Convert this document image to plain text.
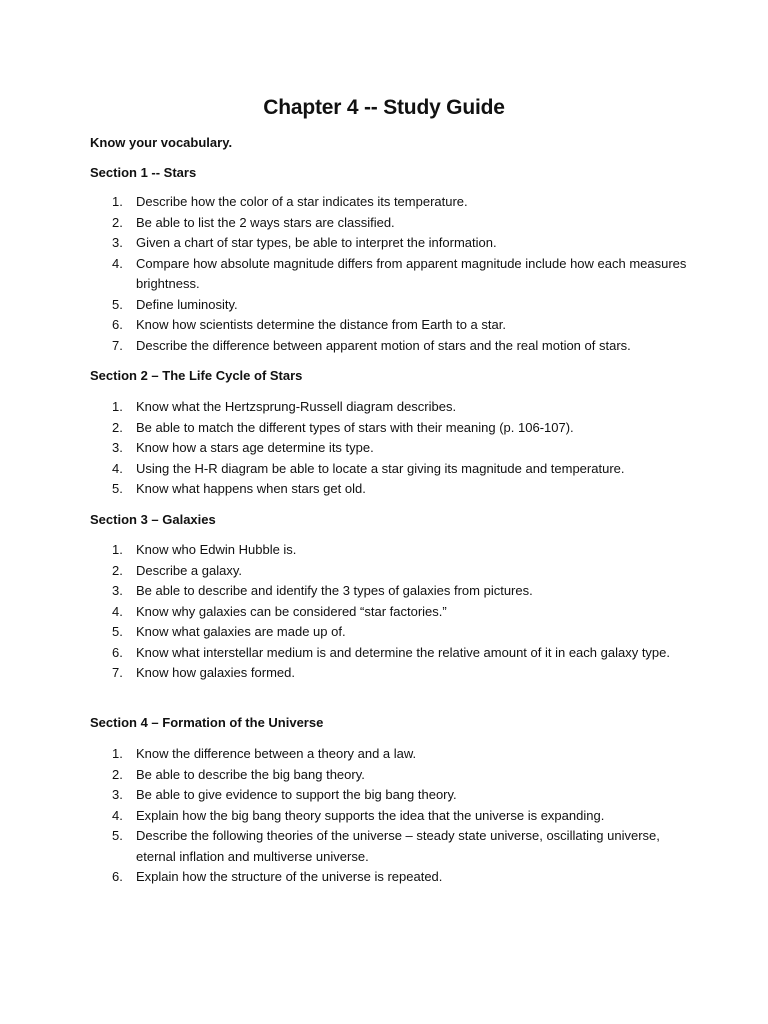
Chapter 4 -- Study Guide
Know your vocabulary.
Section 1 -- Stars
1.	Describe how the color of a star indicates its temperature.
2.	Be able to list the 2 ways stars are classified.
3.	Given a chart of star types, be able to interpret the information.
4.	Compare how absolute magnitude differs from apparent magnitude include how each measures brightness.
5.	Define luminosity.
6.	Know how scientists determine the distance from Earth to a star.
7.	Describe the difference between apparent motion of stars and the real motion of stars.
Section 2 – The Life Cycle of Stars
1.	Know what the Hertzsprung-Russell diagram describes.
2.	Be able to match the different types of stars with their meaning (p. 106-107).
3.	Know how a stars age determine its type.
4.	Using the H-R diagram be able to locate a star giving its magnitude and temperature.
5.	Know what happens when stars get old.
Section 3 – Galaxies
1.	Know who Edwin Hubble is.
2.	Describe a galaxy.
3.	Be able to describe and identify the 3 types of galaxies from pictures.
4.	Know why galaxies can be considered “star factories.”
5.	Know what galaxies are made up of.
6.	Know what interstellar medium is and determine the relative amount of it in each galaxy type.
7.	Know how galaxies formed.
Section 4 – Formation of the Universe
1.	Know the difference between a theory and a law.
2.	Be able to describe the big bang theory.
3.	Be able to give evidence to support the big bang theory.
4.	Explain how the big bang theory supports the idea that the universe is expanding.
5.	Describe the following theories of the universe – steady state universe, oscillating universe, eternal inflation and multiverse universe.
6.	Explain how the structure of the universe is repeated.
